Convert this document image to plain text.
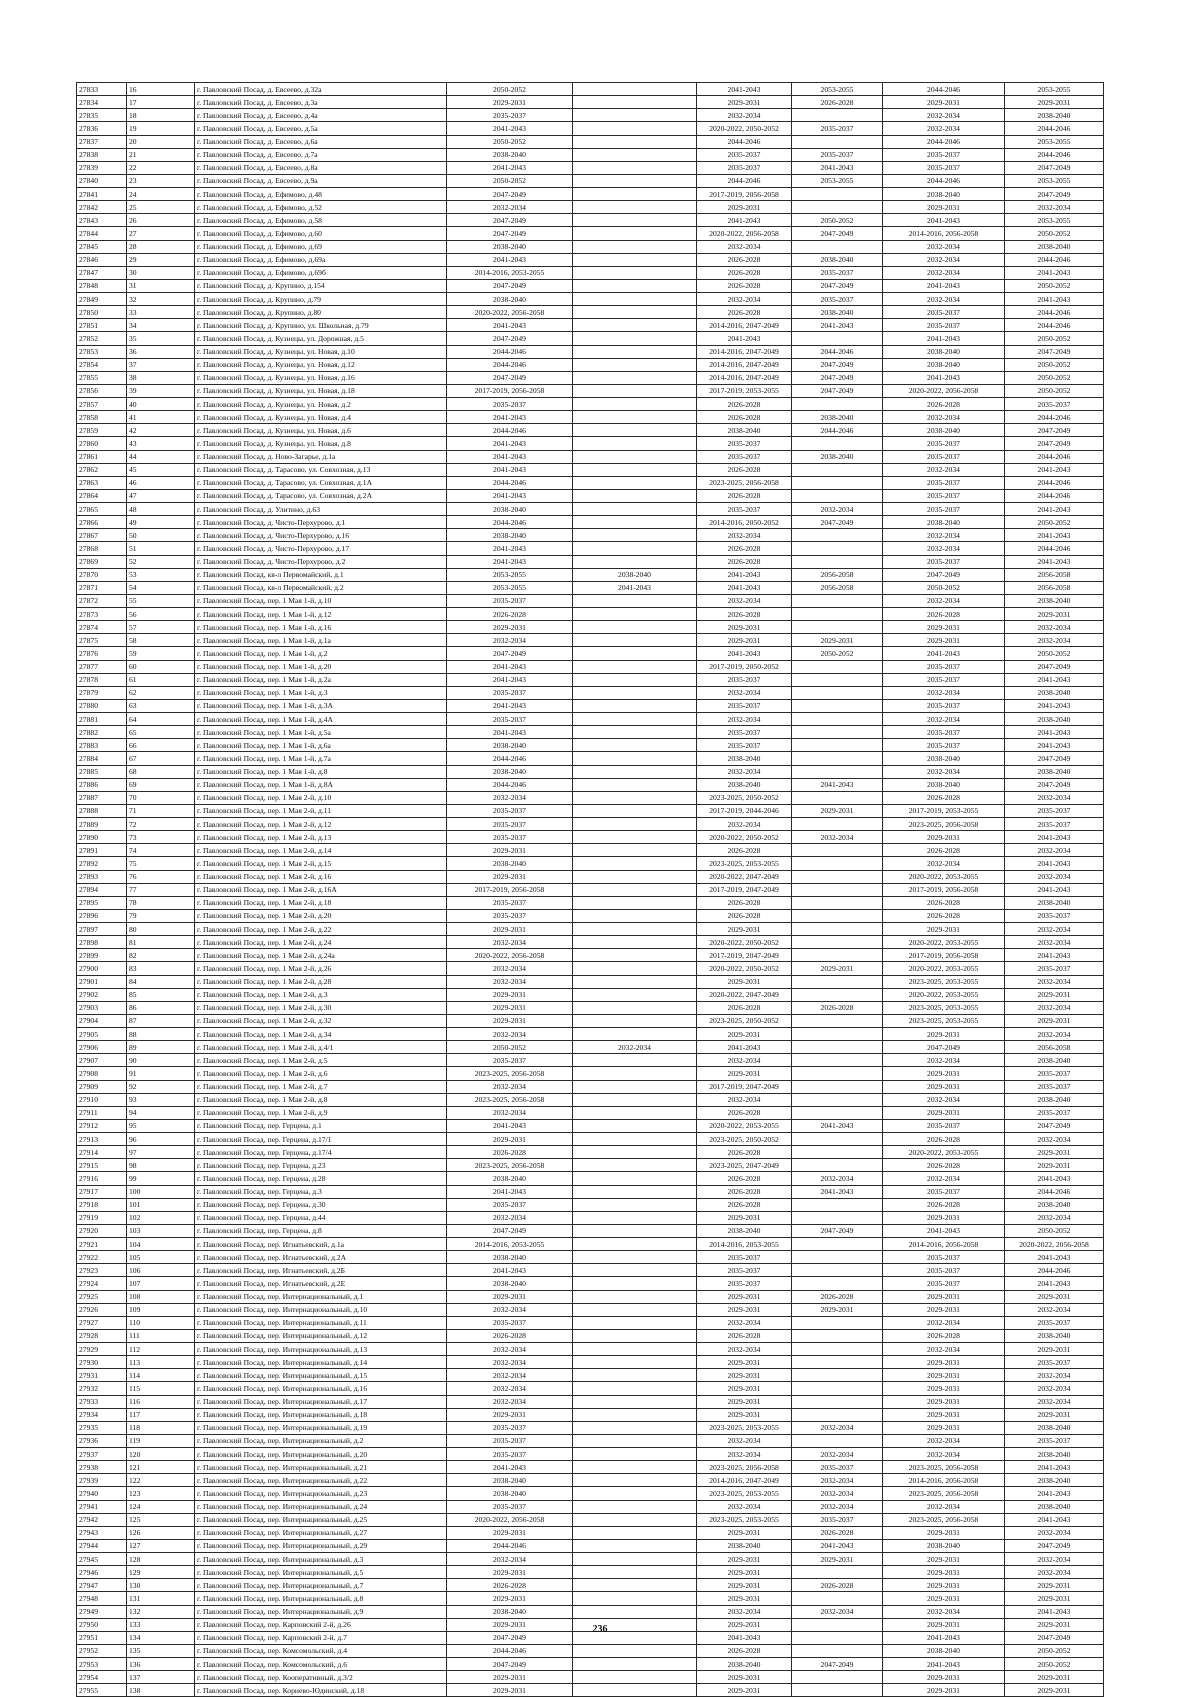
27833	16	г. Павловский Посад, д. Евсеево, д.32а	2050-2052		2041-2043	2053-2055	2044-2046	2053-2055
27834	17	г. Павловский Посад, д. Евсеево, д.3а	2029-2031		2029-2031	2026-2028	2029-2031	2029-2031
27835	18	г. Павловский Посад, д. Евсеево, д.4а	2035-2037		2032-2034		2032-2034	2038-2040
27836	19	г. Павловский Посад, д. Евсеево, д.5а	2041-2043		2020-2022, 2050-2052	2035-2037	2032-2034	2044-2046
27837	20	г. Павловский Посад, д. Евсеево, д.6а	2050-2052		2044-2046		2044-2046	2053-2055
27838	21	г. Павловский Посад, д. Евсеево, д.7а	2038-2040		2035-2037	2035-2037	2035-2037	2044-2046
27839	22	г. Павловский Посад, д. Евсеево, д.8а	2041-2043		2035-2037	2041-2043	2035-2037	2047-2049
27840	23	г. Павловский Посад, д. Евсеево, д.9а	2050-2052		2044-2046	2053-2055	2044-2046	2053-2055
27841	24	г. Павловский Посад, д. Ефимово, д.48	2047-2049		2017-2019, 2056-2058		2038-2040	2047-2049
27842	25	г. Павловский Посад, д. Ефимово, д.52	2032-2034		2029-2031		2029-2031	2032-2034
27843	26	г. Павловский Посад, д. Ефимово, д.58	2047-2049		2041-2043	2050-2052	2041-2043	2053-2055
27844	27	г. Павловский Посад, д. Ефимово, д.60	2047-2049		2020-2022, 2056-2058	2047-2049	2014-2016, 2056-2058	2050-2052
27845	28	г. Павловский Посад, д. Ефимово, д.69	2038-2040		2032-2034		2032-2034	2038-2040
27846	29	г. Павловский Посад, д. Ефимово, д.69а	2041-2043		2026-2028	2038-2040	2032-2034	2044-2046
27847	30	г. Павловский Посад, д. Ефимово, д.69б	2014-2016, 2053-2055		2026-2028	2035-2037	2032-2034	2041-2043
27848	31	г. Павловский Посад, д. Крупино, д.154	2047-2049		2026-2028	2047-2049	2041-2043	2050-2052
27849	32	г. Павловский Посад, д. Крупино, д.79	2038-2040		2032-2034	2035-2037	2032-2034	2041-2043
27850	33	г. Павловский Посад, д. Крупино, д.80	2020-2022, 2056-2058		2026-2028	2038-2040	2035-2037	2044-2046
27851	34	г. Павловский Посад, д. Крупино, ул. Школьная, д.79	2041-2043		2014-2016, 2047-2049	2041-2043	2035-2037	2044-2046
27852	35	г. Павловский Посад, д. Кузнецы, ул. Дорожная, д.5	2047-2049		2041-2043		2041-2043	2050-2052
27853	36	г. Павловский Посад, д. Кузнецы, ул. Новая, д.10	2044-2046		2014-2016, 2047-2049	2044-2046	2038-2040	2047-2049
27854	37	г. Павловский Посад, д. Кузнецы, ул. Новая, д.12	2044-2046		2014-2016, 2047-2049	2047-2049	2038-2040	2050-2052
27855	38	г. Павловский Посад, д. Кузнецы, ул. Новая, д.16	2047-2049		2014-2016, 2047-2049	2047-2049	2041-2043	2050-2052
27856	39	г. Павловский Посад, д. Кузнецы, ул. Новая, д.18	2017-2019, 2056-2058		2017-2019, 2053-2055	2047-2049	2020-2022, 2056-2058	2050-2052
27857	40	г. Павловский Посад, д. Кузнецы, ул. Новая, д.2	2035-2037		2026-2028		2026-2028	2035-2037
27858	41	г. Павловский Посад, д. Кузнецы, ул. Новая, д.4	2041-2043		2026-2028	2038-2040	2032-2034	2044-2046
27859	42	г. Павловский Посад, д. Кузнецы, ул. Новая, д.6	2044-2046		2038-2040	2044-2046	2038-2040	2047-2049
27860	43	г. Павловский Посад, д. Кузнецы, ул. Новая, д.8	2041-2043		2035-2037		2035-2037	2047-2049
27861	44	г. Павловский Посад, д. Ново-Загарье, д.1а	2041-2043		2035-2037	2038-2040	2035-2037	2044-2046
27862	45	г. Павловский Посад, д. Тарасово, ул. Совхозная, д.13	2041-2043		2026-2028		2032-2034	2041-2043
27863	46	г. Павловский Посад, д. Тарасово, ул. Совхозная, д.1А	2044-2046		2023-2025, 2056-2058		2035-2037	2044-2046
27864	47	г. Павловский Посад, д. Тарасово, ул. Совхозная, д.2А	2041-2043		2026-2028		2035-2037	2044-2046
27865	48	г. Павловский Посад, д. Улитино, д.63	2038-2040		2035-2037	2032-2034	2035-2037	2041-2043
27866	49	г. Павловский Посад, д. Чисто-Перхурово, д.1	2044-2046		2014-2016, 2050-2052	2047-2049	2038-2040	2050-2052
27867	50	г. Павловский Посад, д. Чисто-Перхурово, д.16	2038-2040		2032-2034		2032-2034	2041-2043
27868	51	г. Павловский Посад, д. Чисто-Перхурово, д.17	2041-2043		2026-2028		2032-2034	2044-2046
27869	52	г. Павловский Посад, д. Чисто-Перхурово, д.2	2041-2043		2026-2028		2035-2037	2041-2043
27870	53	г. Павловский Посад, кв-л Первомайский, д.1	2053-2055	2038-2040	2041-2043	2056-2058	2047-2049	2056-2058
27871	54	г. Павловский Посад, кв-л Первомайский, д.2	2053-2055	2041-2043	2041-2043	2056-2058	2050-2052	2056-2058
27872	55	г. Павловский Посад, пер. 1 Мая 1-й, д.10	2035-2037		2032-2034		2032-2034	2038-2040
27873	56	г. Павловский Посад, пер. 1 Мая 1-й, д.12	2026-2028		2026-2028		2026-2028	2029-2031
27874	57	г. Павловский Посад, пер. 1 Мая 1-й, д.16	2029-2031		2029-2031		2029-2031	2032-2034
27875	58	г. Павловский Посад, пер. 1 Мая 1-й, д.1а	2032-2034		2029-2031	2029-2031	2029-2031	2032-2034
27876	59	г. Павловский Посад, пер. 1 Мая 1-й, д.2	2047-2049		2041-2043	2050-2052	2041-2043	2050-2052
27877	60	г. Павловский Посад, пер. 1 Мая 1-й, д.20	2041-2043		2017-2019, 2050-2052		2035-2037	2047-2049
27878	61	г. Павловский Посад, пер. 1 Мая 1-й, д.2а	2041-2043		2035-2037		2035-2037	2041-2043
27879	62	г. Павловский Посад, пер. 1 Мая 1-й, д.3	2035-2037		2032-2034		2032-2034	2038-2040
27880	63	г. Павловский Посад, пер. 1 Мая 1-й, д.3А	2041-2043		2035-2037		2035-2037	2041-2043
27881	64	г. Павловский Посад, пер. 1 Мая 1-й, д.4А	2035-2037		2032-2034		2032-2034	2038-2040
27882	65	г. Павловский Посад, пер. 1 Мая 1-й, д.5а	2041-2043		2035-2037		2035-2037	2041-2043
27883	66	г. Павловский Посад, пер. 1 Мая 1-й, д.6а	2038-2040		2035-2037		2035-2037	2041-2043
27884	67	г. Павловский Посад, пер. 1 Мая 1-й, д.7а	2044-2046		2038-2040		2038-2040	2047-2049
27885	68	г. Павловский Посад, пер. 1 Мая 1-й, д.8	2038-2040		2032-2034		2032-2034	2038-2040
27886	69	г. Павловский Посад, пер. 1 Мая 1-й, д.8А	2044-2046		2038-2040	2041-2043	2038-2040	2047-2049
27887	70	г. Павловский Посад, пер. 1 Мая 2-й, д.10	2032-2034		2023-2025, 2050-2052		2026-2028	2032-2034
27888	71	г. Павловский Посад, пер. 1 Мая 2-й, д.11	2035-2037		2017-2019, 2044-2046	2029-2031	2017-2019, 2053-2055	2035-2037
27889	72	г. Павловский Посад, пер. 1 Мая 2-й, д.12	2035-2037		2032-2034		2023-2025, 2056-2058	2035-2037
27890	73	г. Павловский Посад, пер. 1 Мая 2-й, д.13	2035-2037		2020-2022, 2050-2052	2032-2034	2029-2031	2041-2043
27891	74	г. Павловский Посад, пер. 1 Мая 2-й, д.14	2029-2031		2026-2028		2026-2028	2032-2034
27892	75	г. Павловский Посад, пер. 1 Мая 2-й, д.15	2038-2040		2023-2025, 2053-2055		2032-2034	2041-2043
27893	76	г. Павловский Посад, пер. 1 Мая 2-й, д.16	2029-2031		2020-2022, 2047-2049		2020-2022, 2053-2055	2032-2034
27894	77	г. Павловский Посад, пер. 1 Мая 2-й, д.16А	2017-2019, 2056-2058		2017-2019, 2047-2049		2017-2019, 2056-2058	2041-2043
27895	78	г. Павловский Посад, пер. 1 Мая 2-й, д.18	2035-2037		2026-2028		2026-2028	2038-2040
27896	79	г. Павловский Посад, пер. 1 Мая 2-й, д.20	2035-2037		2026-2028		2026-2028	2035-2037
27897	80	г. Павловский Посад, пер. 1 Мая 2-й, д.22	2029-2031		2029-2031		2029-2031	2032-2034
27898	81	г. Павловский Посад, пер. 1 Мая 2-й, д.24	2032-2034		2020-2022, 2050-2052		2020-2022, 2053-2055	2032-2034
27899	82	г. Павловский Посад, пер. 1 Мая 2-й, д.24а	2020-2022, 2056-2058		2017-2019, 2047-2049		2017-2019, 2056-2058	2041-2043
27900	83	г. Павловский Посад, пер. 1 Мая 2-й, д.26	2032-2034		2020-2022, 2050-2052	2029-2031	2020-2022, 2053-2055	2035-2037
27901	84	г. Павловский Посад, пер. 1 Мая 2-й, д.28	2032-2034		2029-2031		2023-2025, 2053-2055	2032-2034
27902	85	г. Павловский Посад, пер. 1 Мая 2-й, д.3	2029-2031		2020-2022, 2047-2049		2020-2022, 2053-2055	2029-2031
27903	86	г. Павловский Посад, пер. 1 Мая 2-й, д.30	2029-2031		2026-2028	2026-2028	2023-2025, 2053-2055	2032-2034
27904	87	г. Павловский Посад, пер. 1 Мая 2-й, д.32	2029-2031		2023-2025, 2050-2052		2023-2025, 2053-2055	2029-2031
27905	88	г. Павловский Посад, пер. 1 Мая 2-й, д.34	2032-2034		2029-2031		2029-2031	2032-2034
27906	89	г. Павловский Посад, пер. 1 Мая 2-й, д.4/1	2050-2052	2032-2034	2041-2043		2047-2049	2056-2058
27907	90	г. Павловский Посад, пер. 1 Мая 2-й, д.5	2035-2037		2032-2034		2032-2034	2038-2040
27908	91	г. Павловский Посад, пер. 1 Мая 2-й, д.6	2023-2025, 2056-2058		2029-2031		2029-2031	2035-2037
27909	92	г. Павловский Посад, пер. 1 Мая 2-й, д.7	2032-2034		2017-2019, 2047-2049		2029-2031	2035-2037
27910	93	г. Павловский Посад, пер. 1 Мая 2-й, д.8	2023-2025, 2056-2058		2032-2034		2032-2034	2038-2040
27911	94	г. Павловский Посад, пер. 1 Мая 2-й, д.9	2032-2034		2026-2028		2029-2031	2035-2037
27912	95	г. Павловский Посад, пер. Герцена, д.1	2041-2043		2020-2022, 2053-2055	2041-2043	2035-2037	2047-2049
27913	96	г. Павловский Посад, пер. Герцена, д.17/1	2029-2031		2023-2025, 2050-2052		2026-2028	2032-2034
27914	97	г. Павловский Посад, пер. Герцена, д.17/4	2026-2028		2026-2028		2020-2022, 2053-2055	2029-2031
27915	98	г. Павловский Посад, пер. Герцена, д.23	2023-2025, 2056-2058		2023-2025, 2047-2049		2026-2028	2029-2031
27916	99	г. Павловский Посад, пер. Герцена, д.28	2038-2040		2026-2028	2032-2034	2032-2034	2041-2043
27917	100	г. Павловский Посад, пер. Герцена, д.3	2041-2043		2026-2028	2041-2043	2035-2037	2044-2046
27918	101	г. Павловский Посад, пер. Герцена, д.30	2035-2037		2026-2028		2026-2028	2038-2040
27919	102	г. Павловский Посад, пер. Герцена, д.44	2032-2034		2029-2031		2029-2031	2032-2034
27920	103	г. Павловский Посад, пер. Герцена, д.8	2047-2049		2038-2040	2047-2049	2041-2043	2050-2052
27921	104	г. Павловский Посад, пер. Игнатьевский, д.1а	2014-2016, 2053-2055		2014-2016, 2053-2055		2014-2016, 2056-2058	2020-2022, 2056-2058
27922	105	г. Павловский Посад, пер. Игнатьевский, д.2А	2038-2040		2035-2037		2035-2037	2041-2043
27923	106	г. Павловский Посад, пер. Игнатьевский, д.2Б	2041-2043		2035-2037		2035-2037	2044-2046
27924	107	г. Павловский Посад, пер. Игнатьевский, д.2Е	2038-2040		2035-2037		2035-2037	2041-2043
27925	108	г. Павловский Посад, пер. Интернациональный, д.1	2029-2031		2029-2031	2026-2028	2029-2031	2029-2031
27926	109	г. Павловский Посад, пер. Интернациональный, д.10	2032-2034		2029-2031	2029-2031	2029-2031	2032-2034
27927	110	г. Павловский Посад, пер. Интернациональный, д.11	2035-2037		2032-2034		2032-2034	2035-2037
27928	111	г. Павловский Посад, пер. Интернациональный, д.12	2026-2028		2026-2028		2026-2028	2038-2040
27929	112	г. Павловский Посад, пер. Интернациональный, д.13	2032-2034		2032-2034		2032-2034	2029-2031
27930	113	г. Павловский Посад, пер. Интернациональный, д.14	2032-2034		2029-2031		2029-2031	2035-2037
27931	114	г. Павловский Посад, пер. Интернациональный, д.15	2032-2034		2029-2031		2029-2031	2032-2034
27932	115	г. Павловский Посад, пер. Интернациональный, д.16	2032-2034		2029-2031		2029-2031	2032-2034
27933	116	г. Павловский Посад, пер. Интернациональный, д.17	2032-2034		2029-2031		2029-2031	2032-2034
27934	117	г. Павловский Посад, пер. Интернациональный, д.18	2029-2031		2029-2031		2029-2031	2029-2031
27935	118	г. Павловский Посад, пер. Интернациональный, д.19	2035-2037		2023-2025, 2053-2055	2032-2034	2029-2031	2038-2040
27936	119	г. Павловский Посад, пер. Интернациональный, д.2	2035-2037		2032-2034		2032-2034	2035-2037
27937	120	г. Павловский Посад, пер. Интернациональный, д.20	2035-2037		2032-2034	2032-2034	2032-2034	2038-2040
27938	121	г. Павловский Посад, пер. Интернациональный, д.21	2041-2043		2023-2025, 2056-2058	2035-2037	2023-2025, 2056-2058	2041-2043
27939	122	г. Павловский Посад, пер. Интернациональный, д.22	2038-2040		2014-2016, 2047-2049	2032-2034	2014-2016, 2056-2058	2038-2040
27940	123	г. Павловский Посад, пер. Интернациональный, д.23	2038-2040		2023-2025, 2053-2055	2032-2034	2023-2025, 2056-2058	2041-2043
27941	124	г. Павловский Посад, пер. Интернациональный, д.24	2035-2037		2032-2034	2032-2034	2032-2034	2038-2040
27942	125	г. Павловский Посад, пер. Интернациональный, д.25	2020-2022, 2056-2058		2023-2025, 2053-2055	2035-2037	2023-2025, 2056-2058	2041-2043
27943	126	г. Павловский Посад, пер. Интернациональный, д.27	2029-2031		2029-2031	2026-2028	2029-2031	2032-2034
27944	127	г. Павловский Посад, пер. Интернациональный, д.29	2044-2046		2038-2040	2041-2043	2038-2040	2047-2049
27945	128	г. Павловский Посад, пер. Интернациональный, д.3	2032-2034		2029-2031	2029-2031	2029-2031	2032-2034
27946	129	г. Павловский Посад, пер. Интернациональный, д.5	2029-2031		2029-2031		2029-2031	2032-2034
27947	130	г. Павловский Посад, пер. Интернациональный, д.7	2026-2028		2029-2031	2026-2028	2029-2031	2029-2031
27948	131	г. Павловский Посад, пер. Интернациональный, д.8	2029-2031		2029-2031		2029-2031	2029-2031
27949	132	г. Павловский Посад, пер. Интернациональный, д.9	2038-2040		2032-2034	2032-2034	2032-2034	2041-2043
27950	133	г. Павловский Посад, пер. Карповский 2-й, д.26	2029-2031		2029-2031		2029-2031	2029-2031
27951	134	г. Павловский Посад, пер. Карповский 2-й, д.7	2047-2049		2041-2043		2041-2043	2047-2049
27952	135	г. Павловский Посад, пер. Комсомольский, д.4	2044-2046		2026-2028		2038-2040	2050-2052
27953	136	г. Павловский Посад, пер. Комсомольский, д.6	2047-2049		2038-2040	2047-2049	2041-2043	2050-2052
27954	137	г. Павловский Посад, пер. Кооперативный, д.3/2	2029-2031		2029-2031		2029-2031	2029-2031
27955	138	г. Павловский Посад, пер. Корнево-Юдинский, д.18	2029-2031		2029-2031		2029-2031	2029-2031
236
